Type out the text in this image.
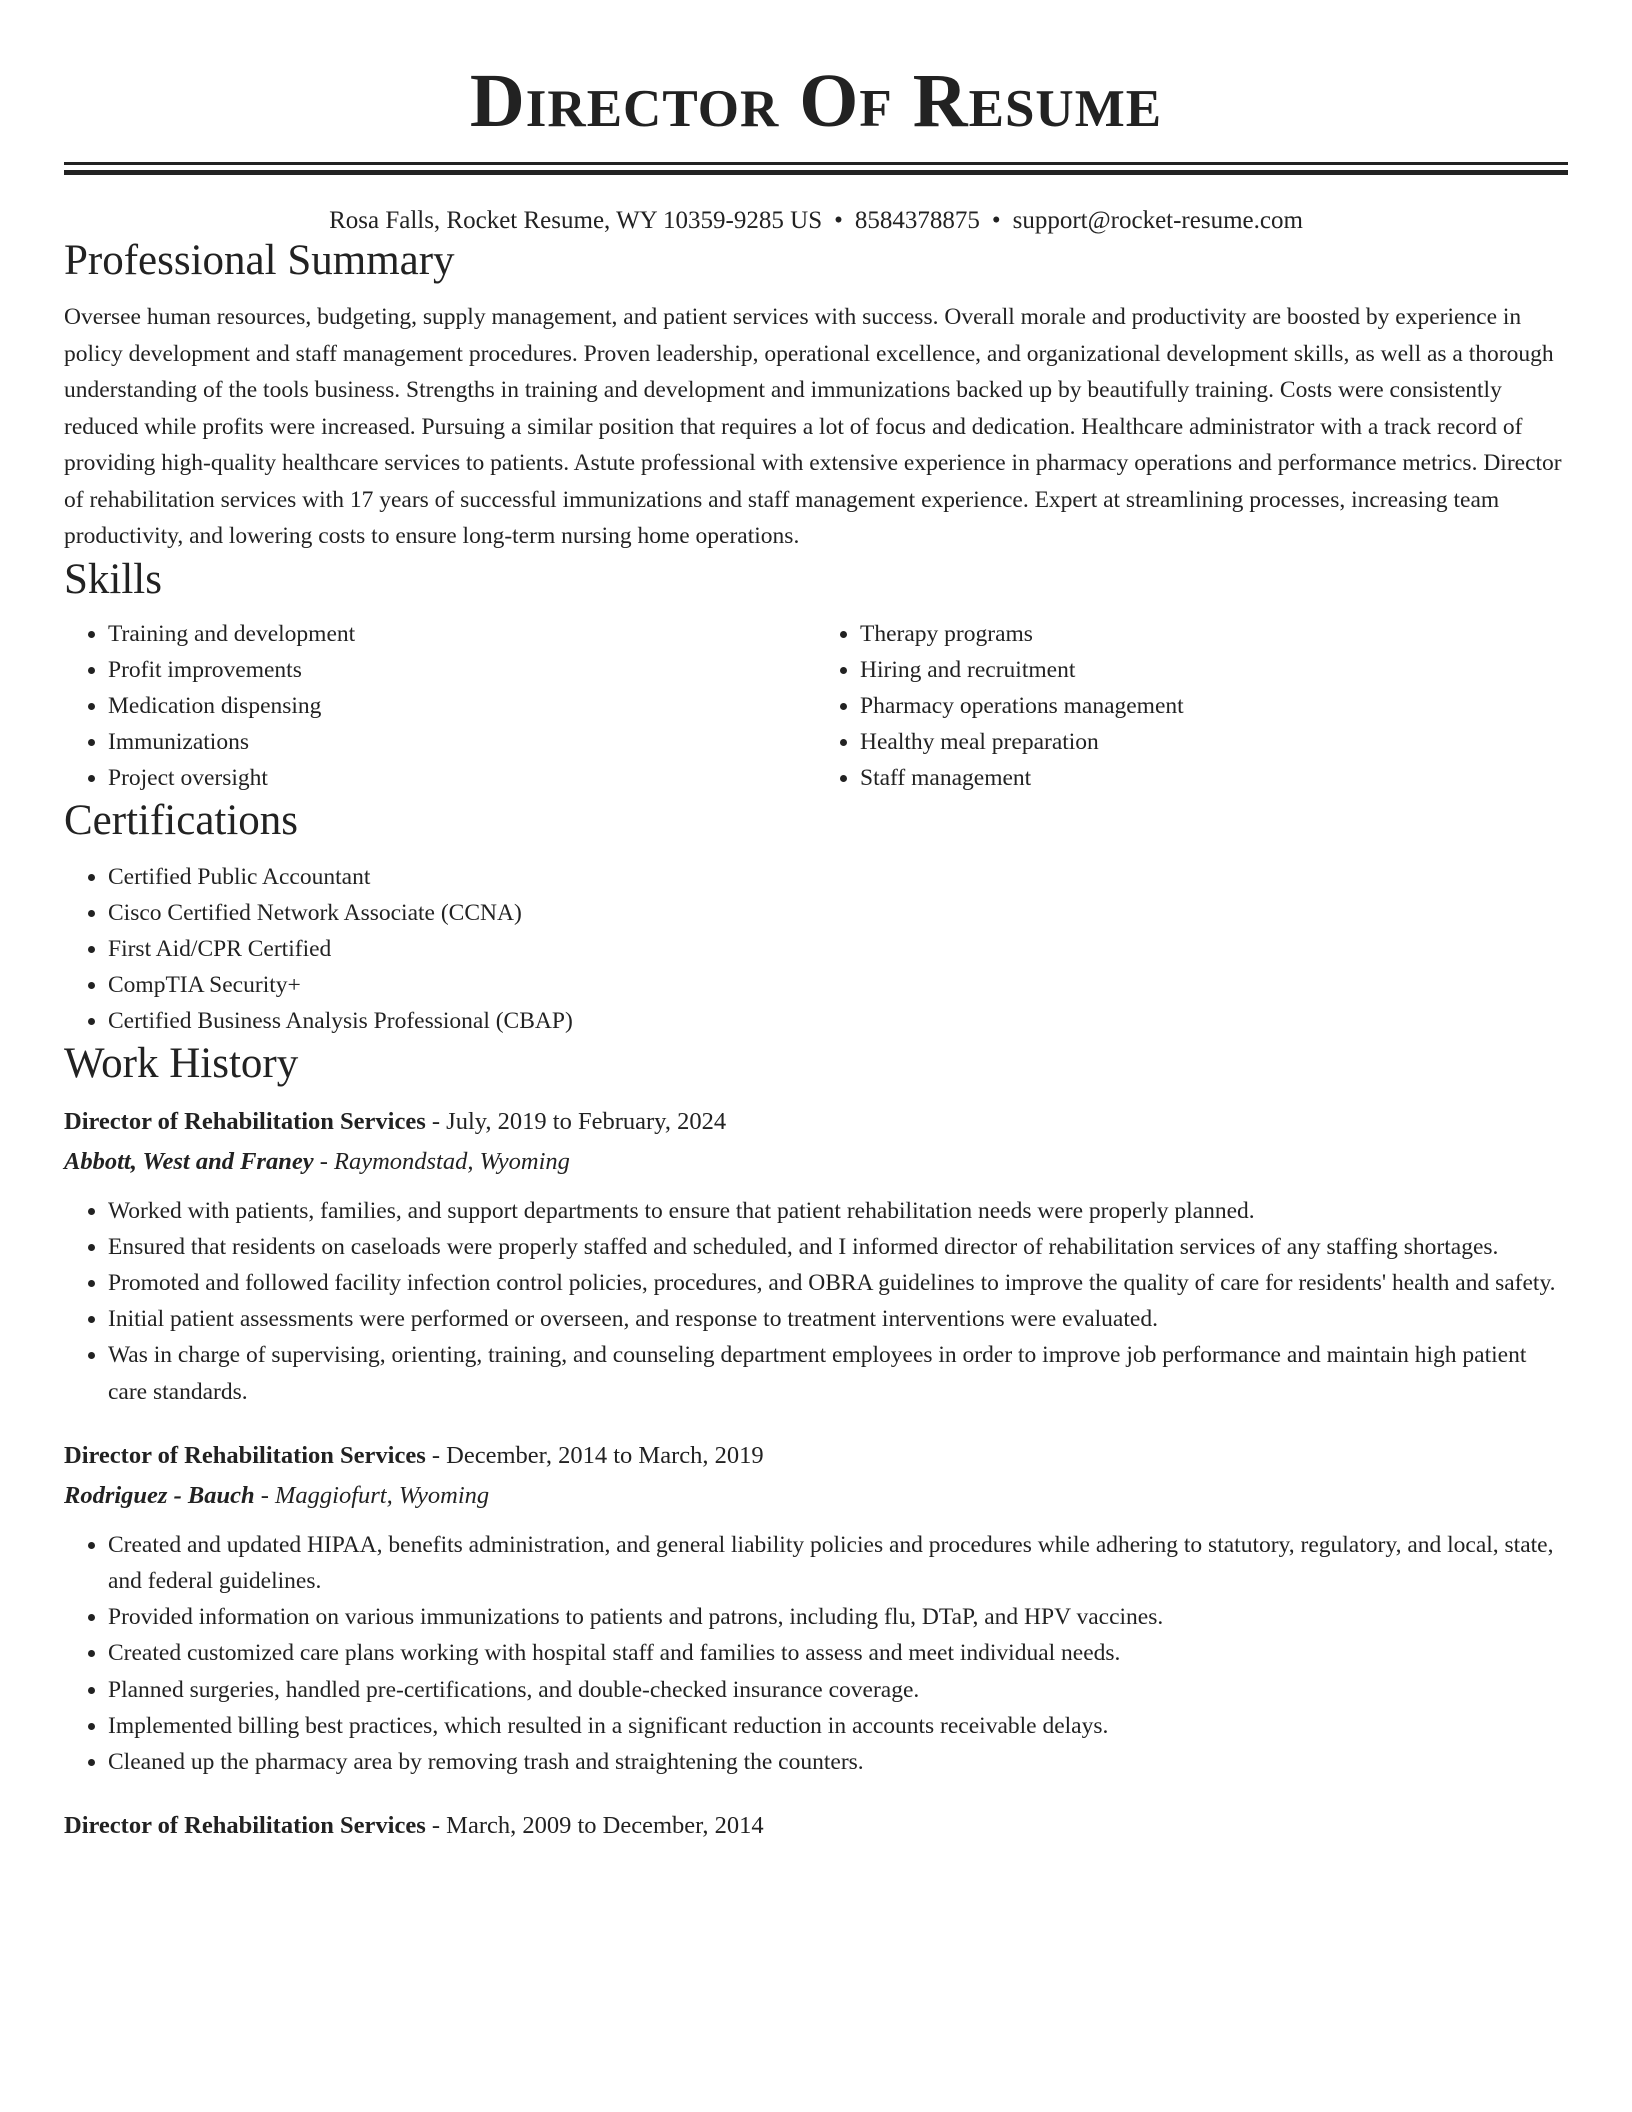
Director Of Resume
Rosa Falls, Rocket Resume, WY 10359-9285 US • 8584378875 • support@rocket-resume.com
Professional Summary

Oversee human resources, budgeting, supply management, and patient services with success. Overall morale and productivity are boosted by experience in policy development and staff management procedures. Proven leadership, operational excellence, and organizational development skills, as well as a thorough understanding of the tools business. Strengths in training and development and immunizations backed up by beautifully training. Costs were consistently reduced while profits were increased. Pursuing a similar position that requires a lot of focus and dedication. Healthcare administrator with a track record of providing high-quality healthcare services to patients. Astute professional with extensive experience in pharmacy operations and performance metrics. Director of rehabilitation services with 17 years of successful immunizations and staff management experience. Expert at streamlining processes, increasing team productivity, and lowering costs to ensure long-term nursing home operations.

Skills
• Training and development
• Profit improvements
• Medication dispensing
• Immunizations
• Project oversight
• Therapy programs
• Hiring and recruitment
• Pharmacy operations management
• Healthy meal preparation
• Staff management
Certifications
• Certified Public Accountant
• Cisco Certified Network Associate (CCNA)
• First Aid/CPR Certified
• CompTIA Security+
• Certified Business Analysis Professional (CBAP)
Work History
Director of Rehabilitation Services - July, 2019 to February, 2024
Abbott, West and Franey - Raymondstad, Wyoming
• Worked with patients, families, and support departments to ensure that patient rehabilitation needs were properly planned.
• Ensured that residents on caseloads were properly staffed and scheduled, and I informed director of rehabilitation services of any staffing shortages.
• Promoted and followed facility infection control policies, procedures, and OBRA guidelines to improve the quality of care for residents' health and safety.
• Initial patient assessments were performed or overseen, and response to treatment interventions were evaluated.
• Was in charge of supervising, orienting, training, and counseling department employees in order to improve job performance and maintain high patient care standards.
Director of Rehabilitation Services - December, 2014 to March, 2019
Rodriguez - Bauch - Maggiofurt, Wyoming
• Created and updated HIPAA, benefits administration, and general liability policies and procedures while adhering to statutory, regulatory, and local, state, and federal guidelines.
• Provided information on various immunizations to patients and patrons, including flu, DTaP, and HPV vaccines.
• Created customized care plans working with hospital staff and families to assess and meet individual needs.
• Planned surgeries, handled pre-certifications, and double-checked insurance coverage.
• Implemented billing best practices, which resulted in a significant reduction in accounts receivable delays.
• Cleaned up the pharmacy area by removing trash and straightening the counters.
Director of Rehabilitation Services - March, 2009 to December, 2014
